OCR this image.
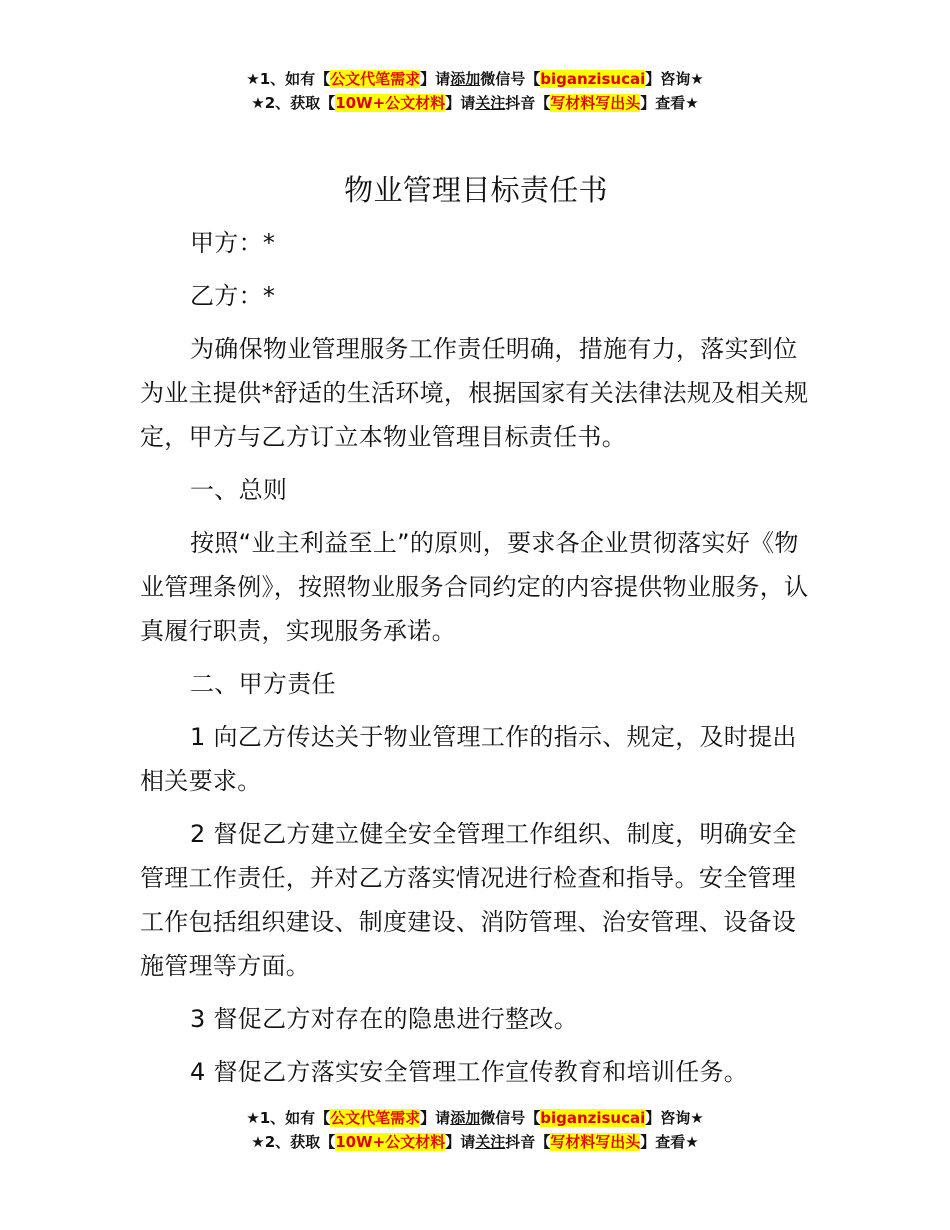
★1、如有【公文代笔需求】请添加微信号【biganzisucai】咨询★
★2、获取【10W+公文材料】请关注抖音【写材料写出头】查看★
物业管理目标责任书

甲方：*

乙方：*

为确保物业管理服务工作责任明确，措施有力，落实到位为业主提供*舒适的生活环境，根据国家有关法律法规及相关规定，甲方与乙方订立本物业管理目标责任书。

一、总则

按照“业主利益至上”的原则，要求各企业贯彻落实好《物业管理条例》，按照物业服务合同约定的内容提供物业服务，认真履行职责，实现服务承诺。

二、甲方责任

1 向乙方传达关于物业管理工作的指示、规定，及时提出相关要求。

2 督促乙方建立健全安全管理工作组织、制度，明确安全管理工作责任，并对乙方落实情况进行检查和指导。安全管理工作包括组织建设、制度建设、消防管理、治安管理、设备设施管理等方面。

3 督促乙方对存在的隐患进行整改。

4 督促乙方落实安全管理工作宣传教育和培训任务。

★1、如有【公文代笔需求】请添加微信号【biganzisucai】咨询★
★2、获取【10W+公文材料】请关注抖音【写材料写出头】查看★
